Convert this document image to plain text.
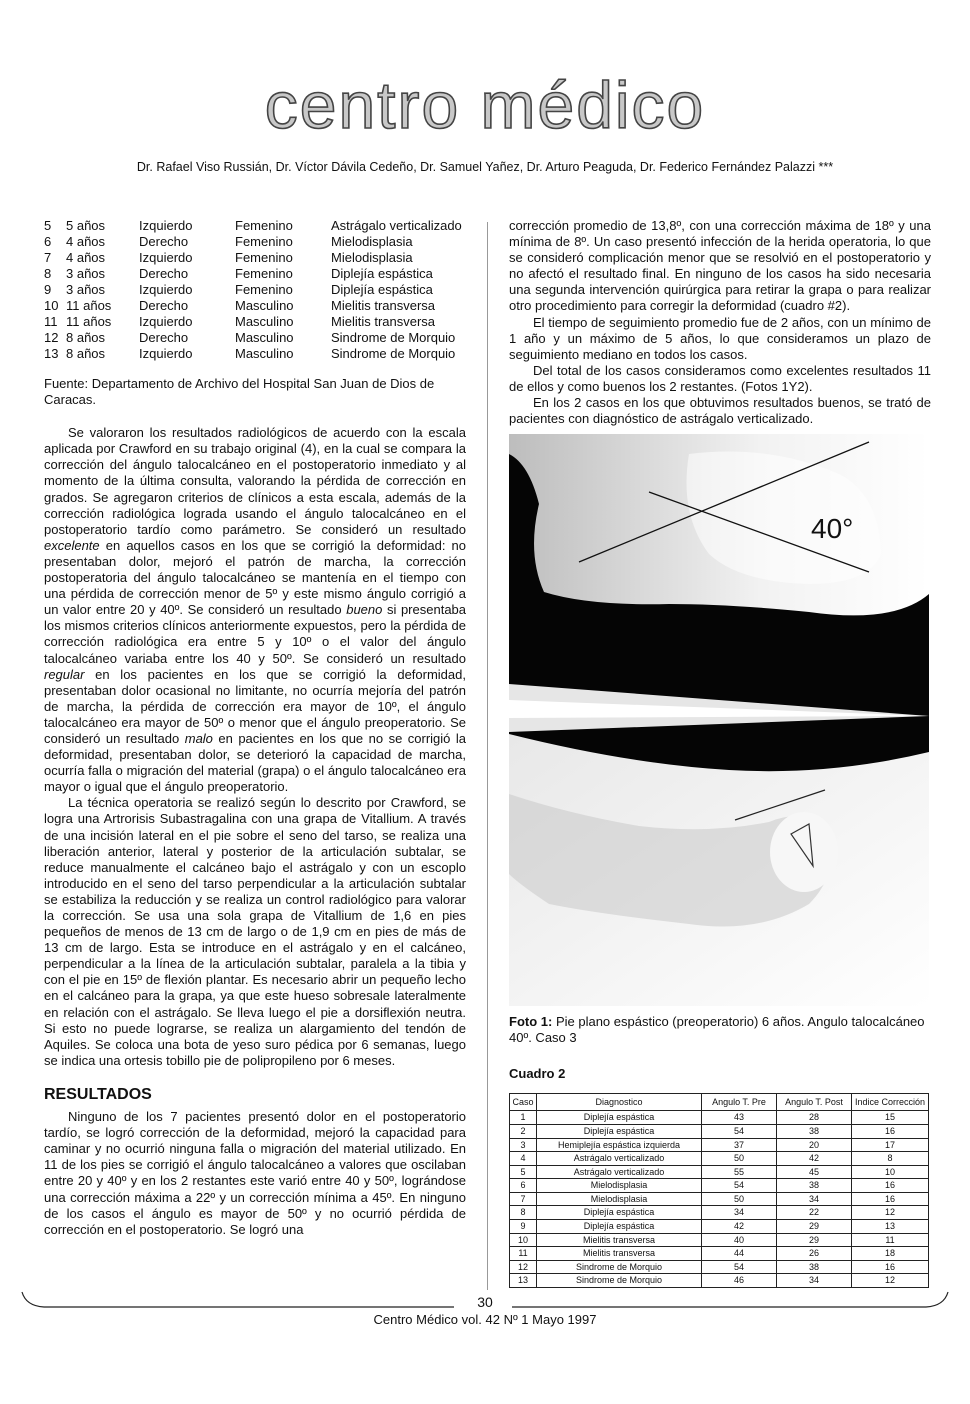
centro médico
Dr. Rafael Viso Russián, Dr. Víctor Dávila Cedeño, Dr. Samuel Yañez, Dr. Arturo Peaguda, Dr. Federico Fernández Palazzi ***
5	5 años	Izquierdo	Femenino	Astrágalo verticalizado
6	4 años	Derecho	Femenino	Mielodisplasia
7	4 años	Izquierdo	Femenino	Mielodisplasia
8	3 años	Derecho	Femenino	Diplejía espástica
9	3 años	Izquierdo	Femenino	Diplejía espástica
10	11 años	Derecho	Masculino	Mielitis transversa
11	11 años	Izquierdo	Masculino	Mielitis transversa
12	8 años	Derecho	Masculino	Sindrome de Morquio
13	8 años	Izquierdo	Masculino	Sindrome de Morquio

Fuente: Departamento de Archivo del Hospital San Juan de Dios de Caracas.

Se valoraron los resultados radiológicos de acuerdo con la escala aplicada por Crawford en su trabajo original (4), en la cual se compara la corrección del ángulo talocalcáneo en el postoperatorio inmediato y al momento de la última consulta, valorando la pérdida de corrección en grados. Se agregaron criterios de clínicos a esta escala, además de la corrección radiológica lograda usando el ángulo talocalcáneo en el postoperatorio tardío como parámetro. Se consideró un resultado excelente en aquellos casos en los que se corrigió la deformidad: no presentaban dolor, mejoró el patrón de marcha, la corrección postoperatoria del ángulo talocalcáneo se mantenía en el tiempo con una pérdida de corrección menor de 5º y este mismo ángulo corrigió a un valor entre 20 y 40º. Se consideró un resultado bueno si presentaba los mismos criterios clínicos anteriormente expuestos, pero la pérdida de corrección radiológica era entre 5 y 10º o el valor del ángulo talocalcáneo variaba entre los 40 y 50º. Se consideró un resultado regular en los pacientes en los que se corrigió la deformidad, presentaban dolor ocasional no limitante, no ocurría mejoría del patrón de marcha, la pérdida de corrección era mayor de 10º, el ángulo talocalcáneo era mayor de 50º o menor que el ángulo preoperatorio. Se consideró un resultado malo en pacientes en los que no se corrigió la deformidad, presentaban dolor, se deterioró la capacidad de marcha, ocurría falla o migración del material (grapa) o el ángulo talocalcáneo era mayor o igual que el ángulo preoperatorio.

La técnica operatoria se realizó según lo descrito por Crawford, se logra una Artrorisis Subastragalina con una grapa de Vitallium. A través de una incisión lateral en el pie sobre el seno del tarso, se realiza una liberación anterior, lateral y posterior de la articulación subtalar, se reduce manualmente el calcáneo bajo el astrágalo y con un escoplo introducido en el seno del tarso perpendicular a la articulación subtalar se estabiliza la reducción y se realiza un control radiológico para valorar la corrección. Se usa una sola grapa de Vitallium de 1,6 en pies pequeños de menos de 13 cm de largo o de 1,9 cm en pies de más de 13 cm de largo. Esta se introduce en el astrágalo y en el calcáneo, perpendicular a la línea de la articulación subtalar, paralela a la tibia y con el pie en 15º de flexión plantar. Es necesario abrir un pequeño lecho en el calcáneo para la grapa, ya que este hueso sobresale lateralmente en relación con el astrágalo. Se lleva luego el pie a dorsiflexión neutra. Si esto no puede lograrse, se realiza un alargamiento del tendón de Aquiles. Se coloca una bota de yeso suro pédica por 6 semanas, luego se indica una ortesis tobillo pie de polipropileno por 6 meses.

RESULTADOS

Ninguno de los 7 pacientes presentó dolor en el postoperatorio tardío, se logró corrección de la deformidad, mejoró la capacidad para caminar y no ocurrió ninguna falla o migración del material utilizado. En 11 de los pies se corrigió el ángulo talocalcáneo a valores que oscilaban entre 20 y 40º y en los 2 restantes este varió entre 40 y 50º, lográndose una corrección máxima a 22º y un corrección mínima a 45º. En ninguno de los casos el ángulo es mayor de 50º y no ocurrió pérdida de corrección en el postoperatorio. Se logró una

corrección promedio de 13,8º, con una corrección máxima de 18º y una mínima de 8º. Un caso presentó infección de la herida operatoria, lo que se consideró complicación menor que se resolvió en el postoperatorio y no afectó el resultado final. En ninguno de los casos ha sido necesaria una segunda intervención quirúrgica para retirar la grapa o para realizar otro procedimiento para corregir la deformidad (cuadro #2).

El tiempo de seguimiento promedio fue de 2 años, con un mínimo de 1 año y un máximo de 5 años, lo que consideramos un plazo de seguimiento mediano en todos los casos.

Del total de los casos consideramos como excelentes resultados 11 de ellos y como buenos los 2 restantes. (Fotos 1Y2).

En los 2 casos en los que obtuvimos resultados buenos, se trató de pacientes con diagnóstico de astrágalo verticalizado.

40°

Foto 1: Pie plano espástico (preoperatorio) 6 años. Angulo talocalcáneo 40º. Caso 3

Cuadro 2
Caso	Diagnostico	Angulo T. Pre	Angulo T. Post	Indice Corrección
1	Diplejía espástica	43	28	15
2	Diplejía espástica	54	38	16
3	Hemiplejía espástica izquierda	37	20	17
4	Astrágalo verticalizado	50	42	8
5	Astrágalo verticalizado	55	45	10
6	Mielodisplasia	54	38	16
7	Mielodisplasia	50	34	16
8	Diplejía espástica	34	22	12
9	Diplejía espástica	42	29	13
10	Mielitis transversa	40	29	11
11	Mielitis transversa	44	26	18
12	Sindrome de Morquio	54	38	16
13	Sindrome de Morquio	46	34	12
30
Centro Médico vol. 42 Nº 1 Mayo 1997
